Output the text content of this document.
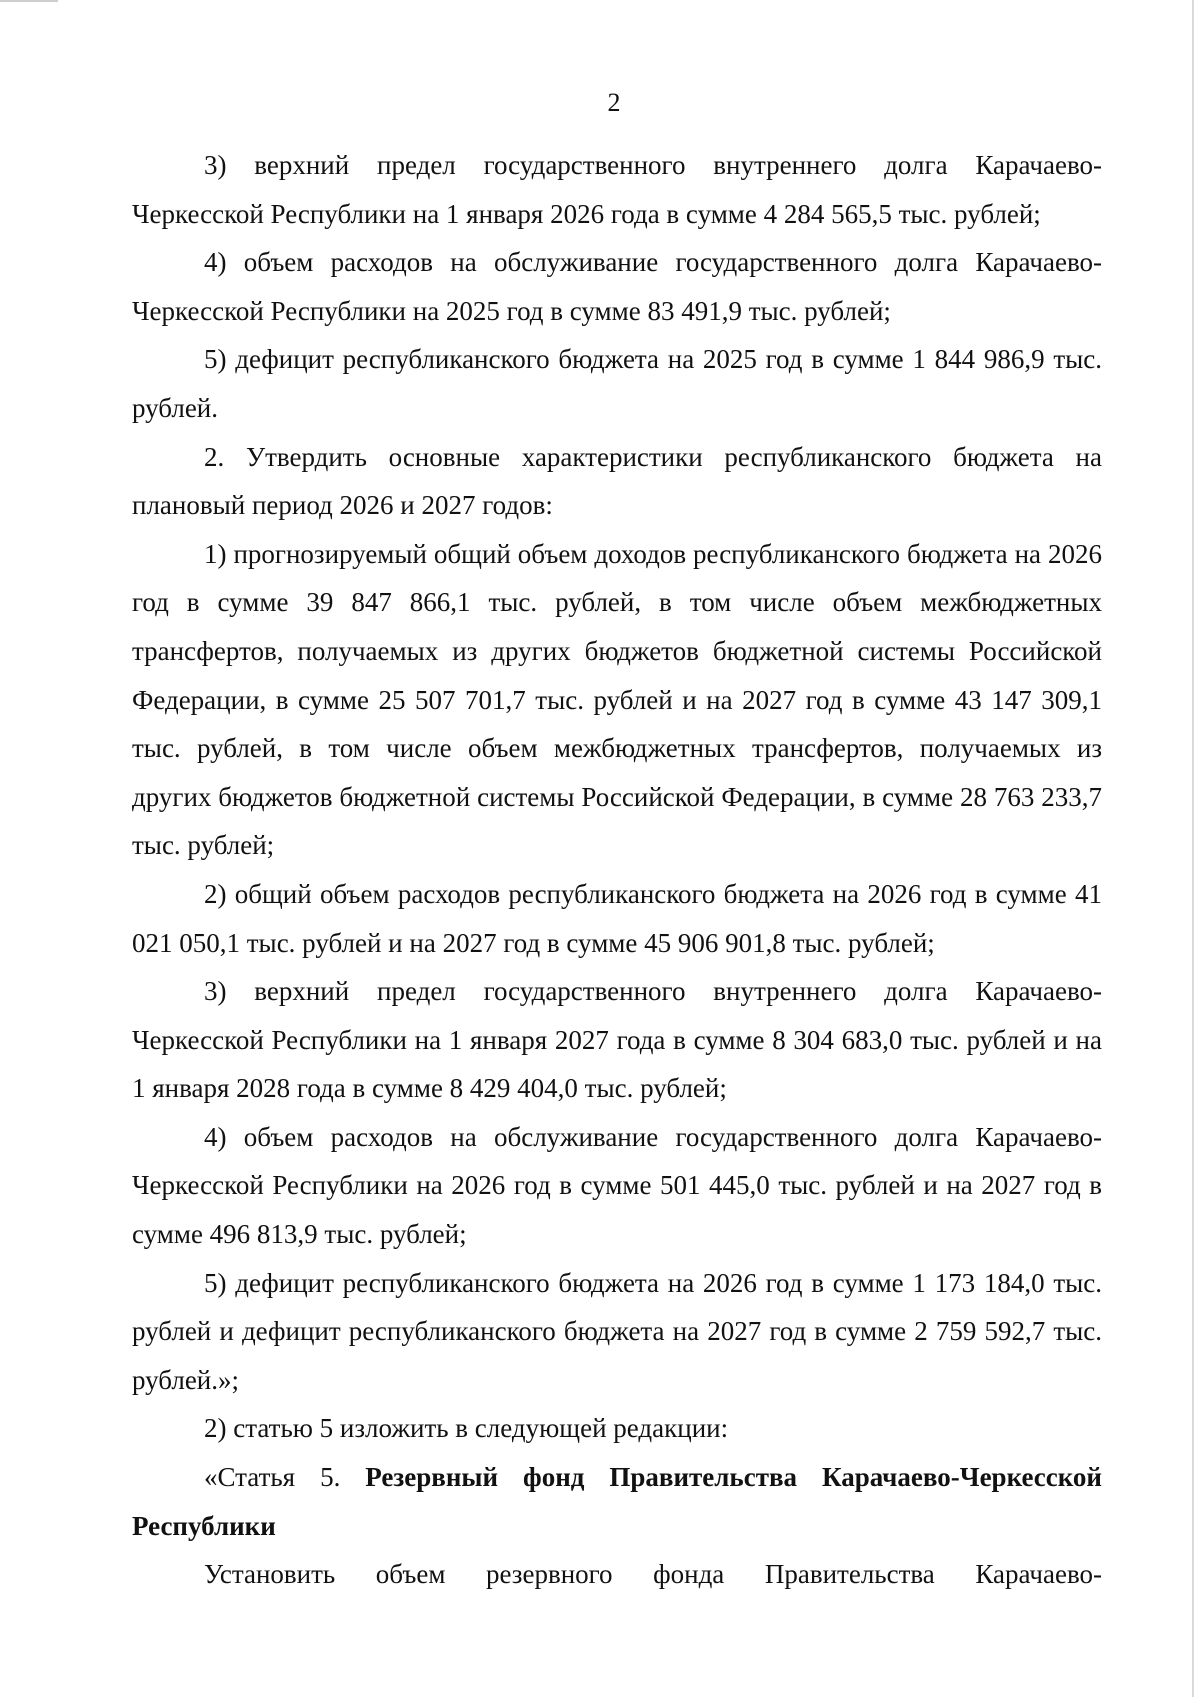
2

3) верхний предел государственного внутреннего долга Карачаево-Черкесской Республики на 1 января 2026 года в сумме 4 284 565,5 тыс. рублей;

4) объем расходов на обслуживание государственного долга Карачаево-Черкесской Республики на 2025 год в сумме 83 491,9 тыс. рублей;

5) дефицит республиканского бюджета на 2025 год в сумме 1 844 986,9 тыс. рублей.

2. Утвердить основные характеристики республиканского бюджета на плановый период 2026 и 2027 годов:

1) прогнозируемый общий объем доходов республиканского бюджета на 2026 год в сумме 39 847 866,1 тыс. рублей, в том числе объем межбюджетных трансфертов, получаемых из других бюджетов бюджетной системы Российской Федерации, в сумме 25 507 701,7 тыс. рублей и на 2027 год в сумме 43 147 309,1 тыс. рублей, в том числе объем межбюджетных трансфертов, получаемых из других бюджетов бюджетной системы Российской Федерации, в сумме 28 763 233,7 тыс. рублей;

2) общий объем расходов республиканского бюджета на 2026 год в сумме 41 021 050,1 тыс. рублей и на 2027 год в сумме 45 906 901,8 тыс. рублей;

3) верхний предел государственного внутреннего долга Карачаево-Черкесской Республики на 1 января 2027 года в сумме 8 304 683,0 тыс. рублей и на 1 января 2028 года в сумме 8 429 404,0 тыс. рублей;

4) объем расходов на обслуживание государственного долга Карачаево-Черкесской Республики на 2026 год в сумме 501 445,0 тыс. рублей и на 2027 год в сумме 496 813,9 тыс. рублей;

5) дефицит республиканского бюджета на 2026 год в сумме 1 173 184,0 тыс. рублей и дефицит республиканского бюджета на 2027 год в сумме 2 759 592,7 тыс. рублей.»;

2) статью 5 изложить в следующей редакции:

«Статья 5. Резервный фонд Правительства Карачаево-Черкесской Республики

Установить объем резервного фонда Правительства Карачаево-
